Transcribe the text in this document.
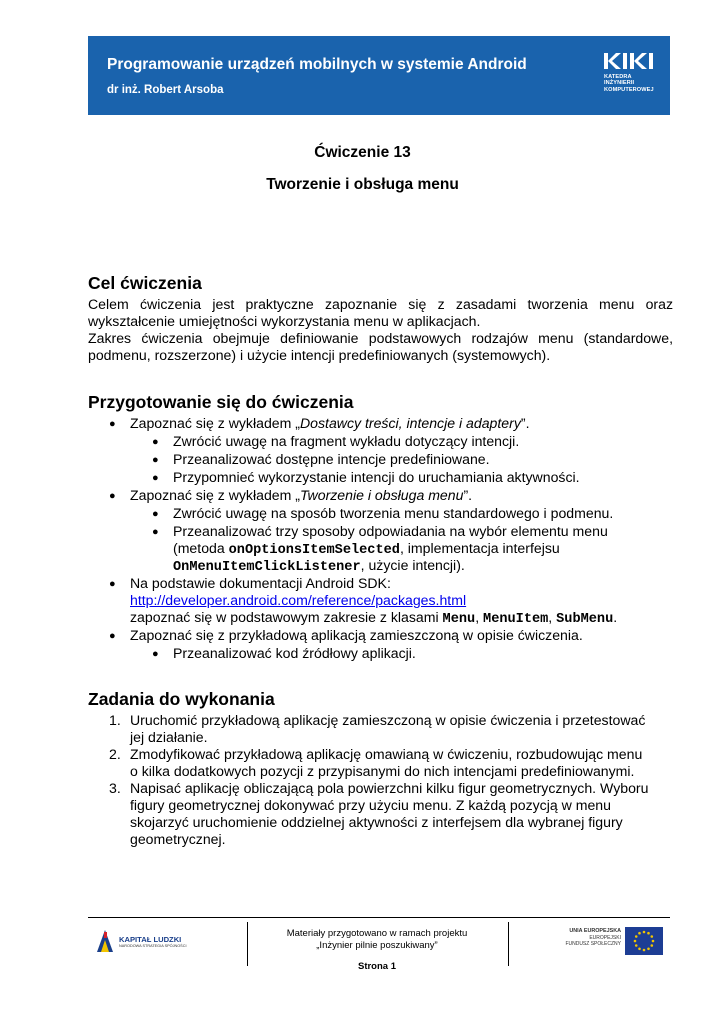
Programowanie urządzeń mobilnych w systemie Android
dr inż. Robert Arsoba
KATEDRA
INŻYNIERII
KOMPUTEROWEJ
Ćwiczenie 13
Tworzenie i obsługa menu
Cel ćwiczenia
Celem ćwiczenia jest praktyczne zapoznanie się z zasadami tworzenia menu oraz
wykształcenie umiejętności wykorzystania menu w aplikacjach.
Zakres ćwiczenia obejmuje definiowanie podstawowych rodzajów menu (standardowe,
podmenu, rozszerzone) i użycie intencji predefiniowanych (systemowych).
Przygotowanie się do ćwiczenia
● Zapoznać się z wykładem „Dostawcy treści, intencje i adaptery”.
● Zwrócić uwagę na fragment wykładu dotyczący intencji.
● Przeanalizować dostępne intencje predefiniowane.
● Przypomnieć wykorzystanie intencji do uruchamiania aktywności.
● Zapoznać się z wykładem „Tworzenie i obsługa menu”.
● Zwrócić uwagę na sposób tworzenia menu standardowego i podmenu.
● Przeanalizować trzy sposoby odpowiadania na wybór elementu menu
(metoda onOptionsItemSelected, implementacja interfejsu
OnMenuItemClickListener, użycie intencji).
● Na podstawie dokumentacji Android SDK:
http://developer.android.com/reference/packages.html
zapoznać się w podstawowym zakresie z klasami Menu, MenuItem, SubMenu.
● Zapoznać się z przykładową aplikacją zamieszczoną w opisie ćwiczenia.
● Przeanalizować kod źródłowy aplikacji.
Zadania do wykonania
1. Uruchomić przykładową aplikację zamieszczoną w opisie ćwiczenia i przetestować
jej działanie.
2. Zmodyfikować przykładową aplikację omawianą w ćwiczeniu, rozbudowując menu
o kilka dodatkowych pozycji z przypisanymi do nich intencjami predefiniowanymi.
3. Napisać aplikację obliczającą pola powierzchni kilku figur geometrycznych. Wyboru
figury geometrycznej dokonywać przy użyciu menu. Z każdą pozycją w menu
skojarzyć uruchomienie oddzielnej aktywności z interfejsem dla wybranej figury
geometrycznej.
KAPITAŁ LUDZKI
NARODOWA STRATEGIA SPÓJNOŚCI
Materiały przygotowano w ramach projektu
„Inżynier pilnie poszukiwany”
Strona 1
UNIA EUROPEJSKA
EUROPEJSKI
FUNDUSZ SPOŁECZNY
